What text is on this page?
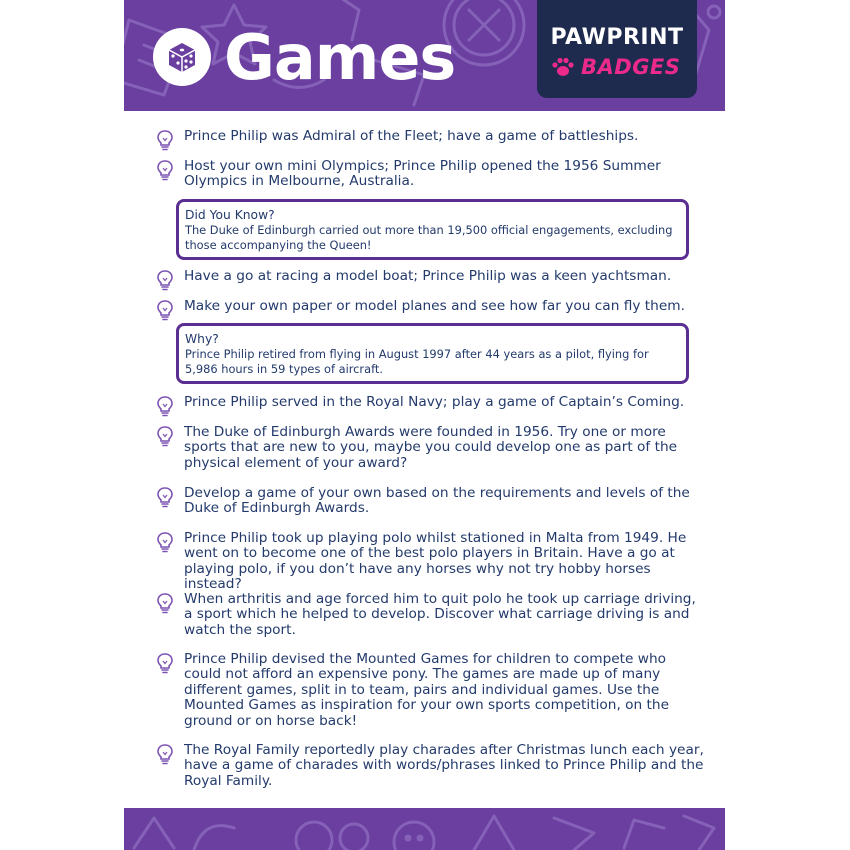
Games	PAWPRINT
BADGES

Prince Philip was Admiral of the Fleet; have a game of battleships.

Host your own mini Olympics; Prince Philip opened the 1956 Summer Olympics in Melbourne, Australia.

Did You Know?
The Duke of Edinburgh carried out more than 19,500 official engagements, excluding those accompanying the Queen!

Have a go at racing a model boat; Prince Philip was a keen yachtsman.

Make your own paper or model planes and see how far you can fly them.

Why?
Prince Philip retired from flying in August 1997 after 44 years as a pilot, flying for 5,986 hours in 59 types of aircraft.

Prince Philip served in the Royal Navy; play a game of Captain’s Coming.

The Duke of Edinburgh Awards were founded in 1956. Try one or more sports that are new to you, maybe you could develop one as part of the physical element of your award?

Develop a game of your own based on the requirements and levels of the Duke of Edinburgh Awards.

Prince Philip took up playing polo whilst stationed in Malta from 1949. He went on to become one of the best polo players in Britain. Have a go at playing polo, if you don’t have any horses why not try hobby horses instead?

When arthritis and age forced him to quit polo he took up carriage driving, a sport which he helped to develop. Discover what carriage driving is and watch the sport.

Prince Philip devised the Mounted Games for children to compete who could not afford an expensive pony. The games are made up of many different games, split in to team, pairs and individual games. Use the Mounted Games as inspiration for your own sports competition, on the ground or on horse back!

The Royal Family reportedly play charades after Christmas lunch each year, have a game of charades with words/phrases linked to Prince Philip and the Royal Family.
